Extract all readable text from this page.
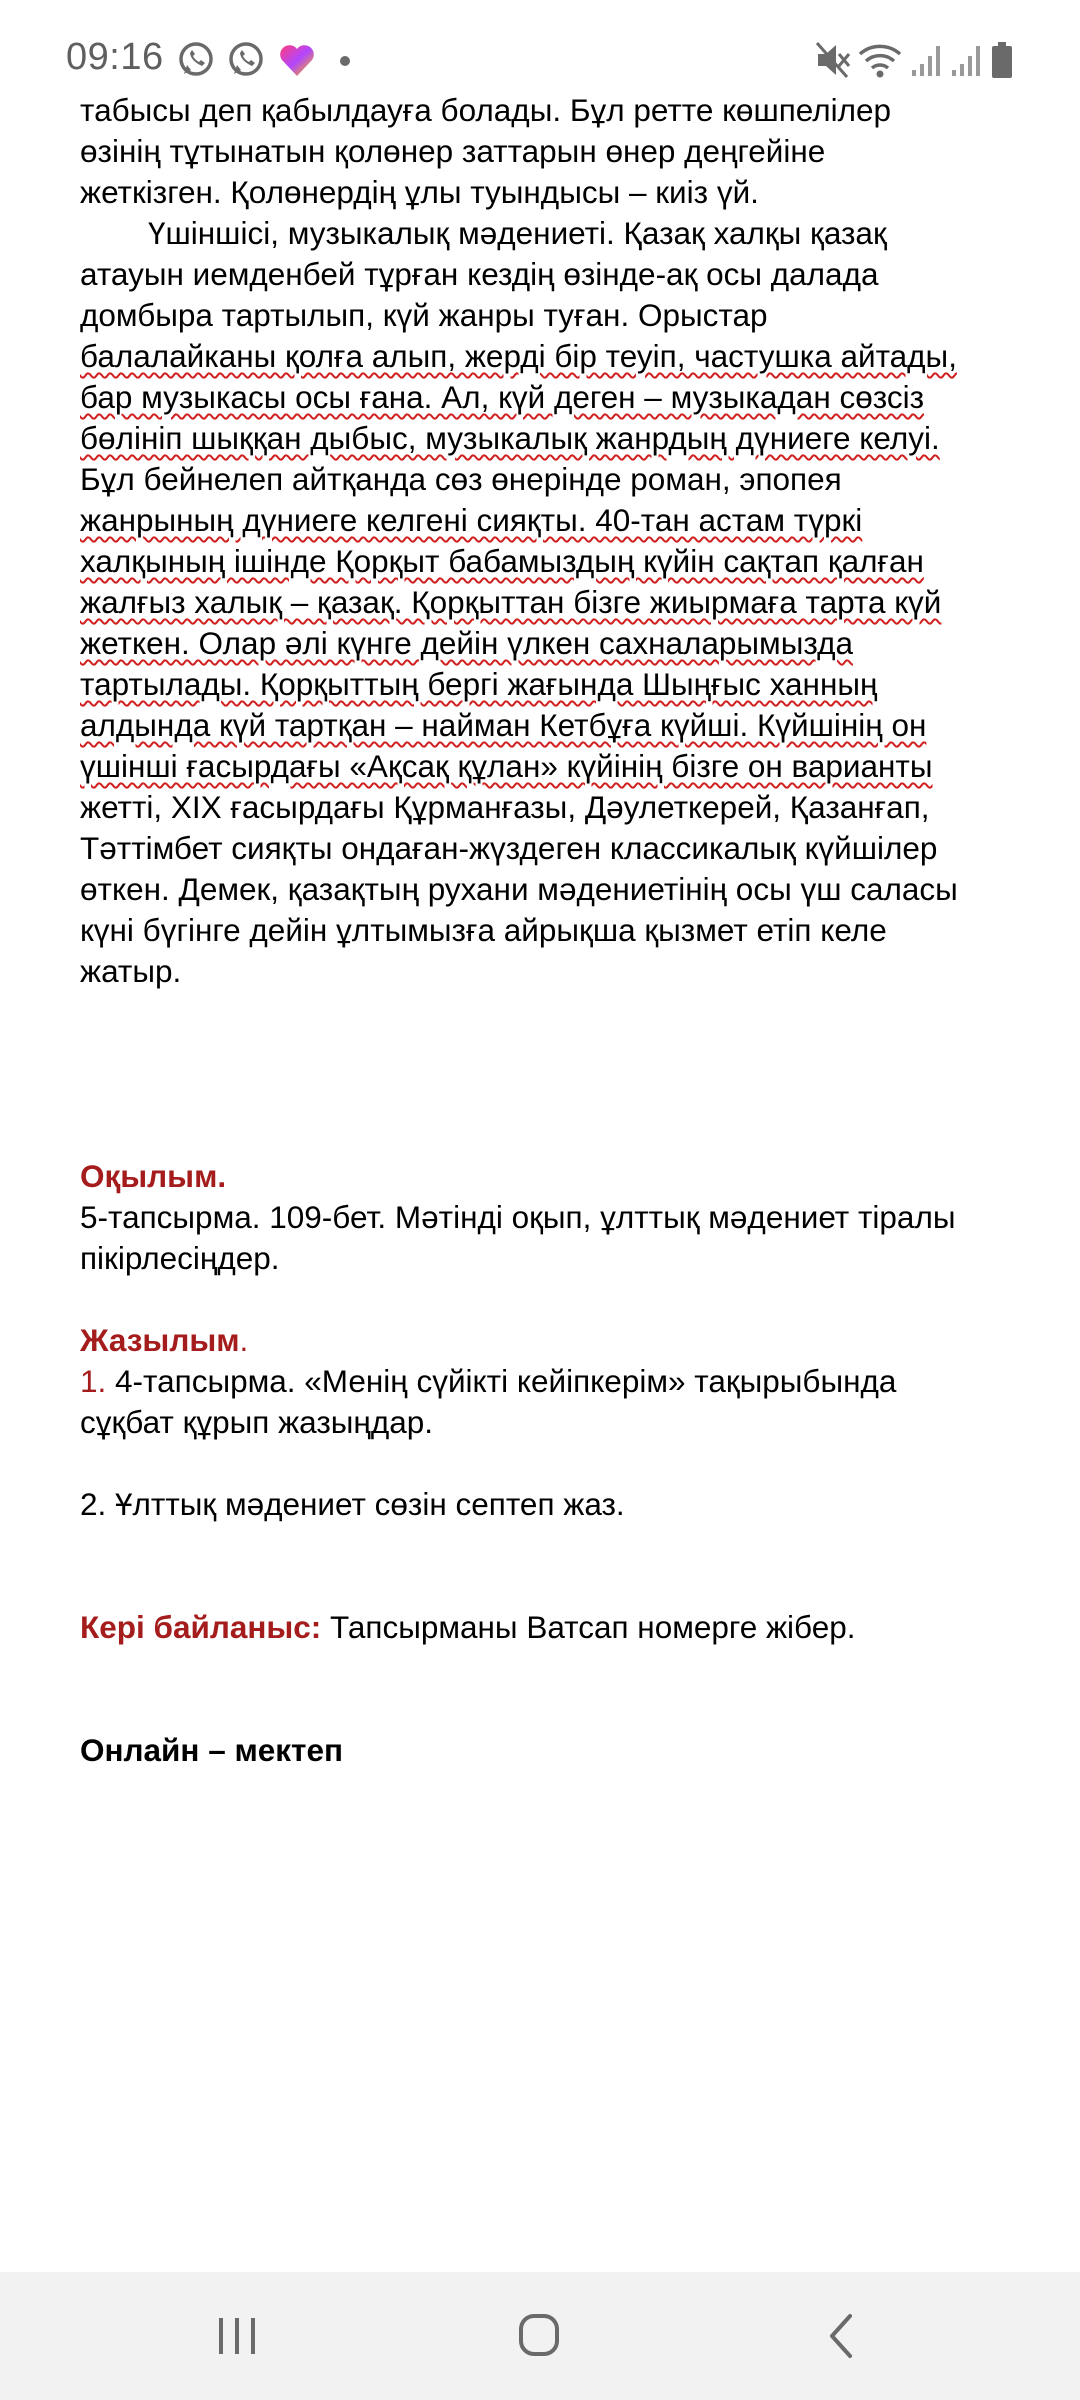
09:16

табысы деп қабылдауға болады. Бұл ретте көшпелілер
өзінің тұтынатын қолөнер заттарын өнер деңгейіне
жеткізген. Қолөнердің ұлы туындысы – киіз үй.

Үшіншісі, музыкалық мәдениеті. Қазақ халқы қазақ
атауын иемденбей тұрған кездің өзінде-ақ осы далада
домбыра тартылып, күй жанры туған. Орыстар
балалайканы қолға алып, жерді бір теуіп, частушка айтады,
бар музыкасы осы ғана. Ал, күй деген – музыкадан сөзсіз
бөлініп шыққан дыбыс, музыкалық жанрдың дүниеге келуі.
Бұл бейнелеп айтқанда сөз өнерінде роман, эпопея
жанрының дүниеге келгені сияқты. 40-тан астам түркі
халқының ішінде Қорқыт бабамыздың күйін сақтап қалған
жалғыз халық – қазақ. Қорқыттан бізге жиырмаға тарта күй
жеткен. Олар әлі күнге дейін үлкен сахналарымызда
тартылады. Қорқыттың бергі жағында Шыңғыс ханның
алдында күй тартқан – найман Кетбұға күйші. Күйшінің он
үшінші ғасырдағы «Ақсақ құлан» күйінің бізге он варианты
жетті, XIX ғасырдағы Құрманғазы, Дәулеткерей, Қазанғап,
Тәттімбет сияқты ондаған-жүздеген классикалық күйшілер
өткен. Демек, қазақтың рухани мәдениетінің осы үш саласы
күні бүгінге дейін ұлтымызға айрықша қызмет етіп келе
жатыр.

Оқылым.
5-тапсырма. 109-бет. Мәтінді оқып, ұлттық мәдениет тіралы
пікірлесіңдер.

Жазылым.
1. 4-тапсырма. «Менің сүйікті кейіпкерім» тақырыбында
сұқбат құрып жазыңдар.

2. Ұлттық мәдениет сөзін септеп жаз.

Кері байланыс: Тапсырманы Ватсап номерге жібер.

Онлайн – мектеп
